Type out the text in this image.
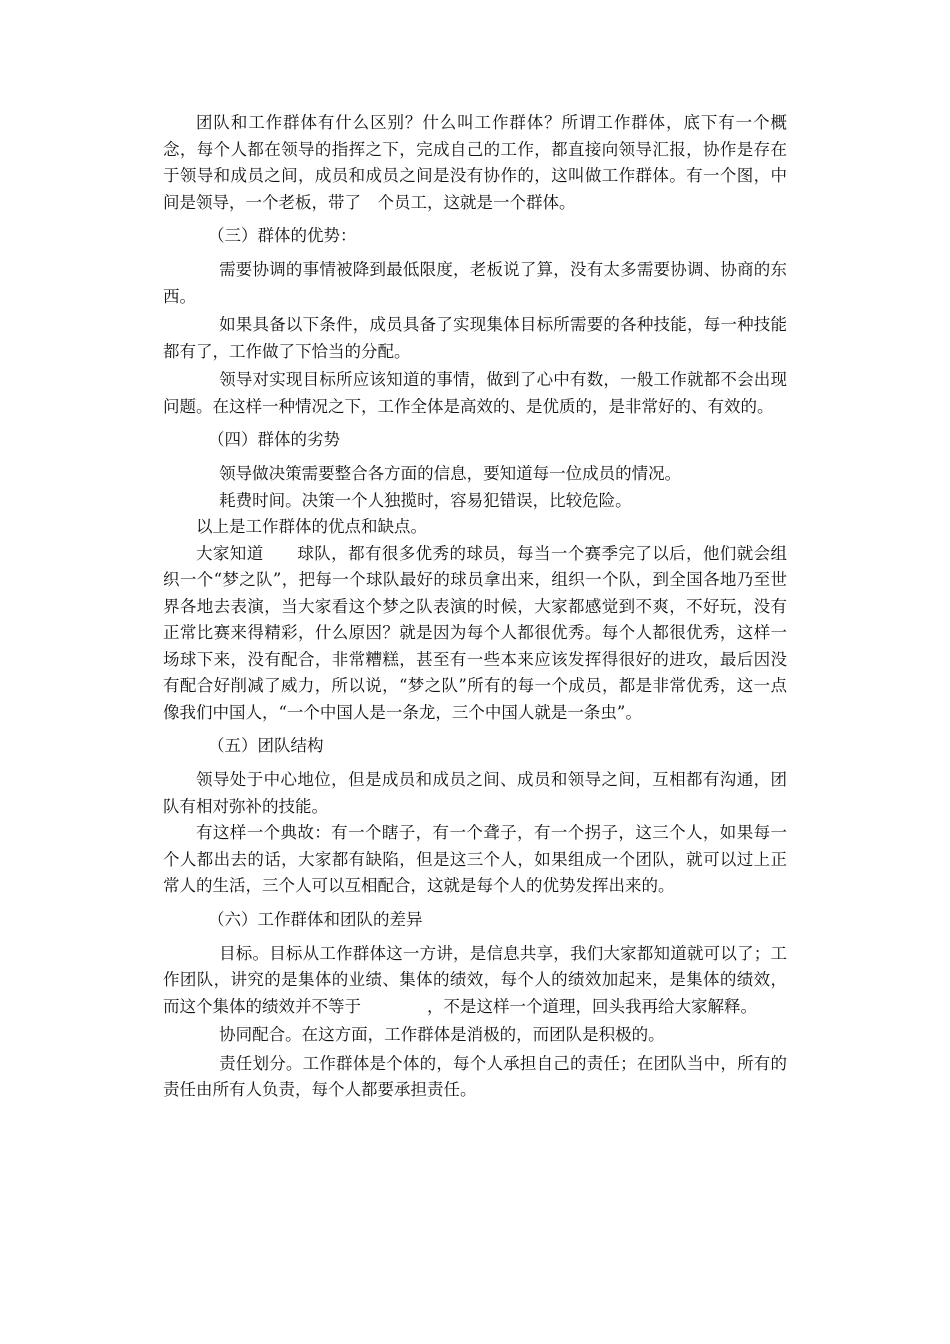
团队和工作群体有什么区别？什么叫工作群体？所谓工作群体，底下有一个概念，每个人都在领导的指挥之下，完成自己的工作，都直接向领导汇报，协作是存在于领导和成员之间，成员和成员之间是没有协作的，这叫做工作群体。有一个图，中间是领导，一个老板，带了　个员工，这就是一个群体。

（三）群体的优势：

需要协调的事情被降到最低限度，老板说了算，没有太多需要协调、协商的东西。

如果具备以下条件，成员具备了实现集体目标所需要的各种技能，每一种技能都有了，工作做了下恰当的分配。

领导对实现目标所应该知道的事情，做到了心中有数，一般工作就都不会出现问题。在这样一种情况之下，工作全体是高效的、是优质的，是非常好的、有效的。

（四）群体的劣势

领导做决策需要整合各方面的信息，要知道每一位成员的情况。

耗费时间。决策一个人独揽时，容易犯错误，比较危险。

以上是工作群体的优点和缺点。

大家知道　　球队，都有很多优秀的球员，每当一个赛季完了以后，他们就会组织一个“梦之队”，把每一个球队最好的球员拿出来，组织一个队，到全国各地乃至世界各地去表演，当大家看这个梦之队表演的时候，大家都感觉到不爽，不好玩，没有　　正常比赛来得精彩，什么原因？就是因为每个人都很优秀。每个人都很优秀，这样一场球下来，没有配合，非常糟糕，甚至有一些本来应该发挥得很好的进攻，最后因没有配合好削减了威力，所以说，“梦之队”所有的每一个成员，都是非常优秀，这一点像我们中国人，“一个中国人是一条龙，三个中国人就是一条虫”。

（五）团队结构

领导处于中心地位，但是成员和成员之间、成员和领导之间，互相都有沟通，团队有相对弥补的技能。

有这样一个典故：有一个瞎子，有一个聋子，有一个拐子，这三个人，如果每一个人都出去的话，大家都有缺陷，但是这三个人，如果组成一个团队，就可以过上正常人的生活，三个人可以互相配合，这就是每个人的优势发挥出来的。

（六）工作群体和团队的差异

目标。目标从工作群体这一方讲，是信息共享，我们大家都知道就可以了；工作团队，讲究的是集体的业绩、集体的绩效，每个人的绩效加起来，是集体的绩效，而这个集体的绩效并不等于　　　　，不是这样一个道理，回头我再给大家解释。

协同配合。在这方面，工作群体是消极的，而团队是积极的。

责任划分。工作群体是个体的，每个人承担自己的责任；在团队当中，所有的责任由所有人负责，每个人都要承担责任。
